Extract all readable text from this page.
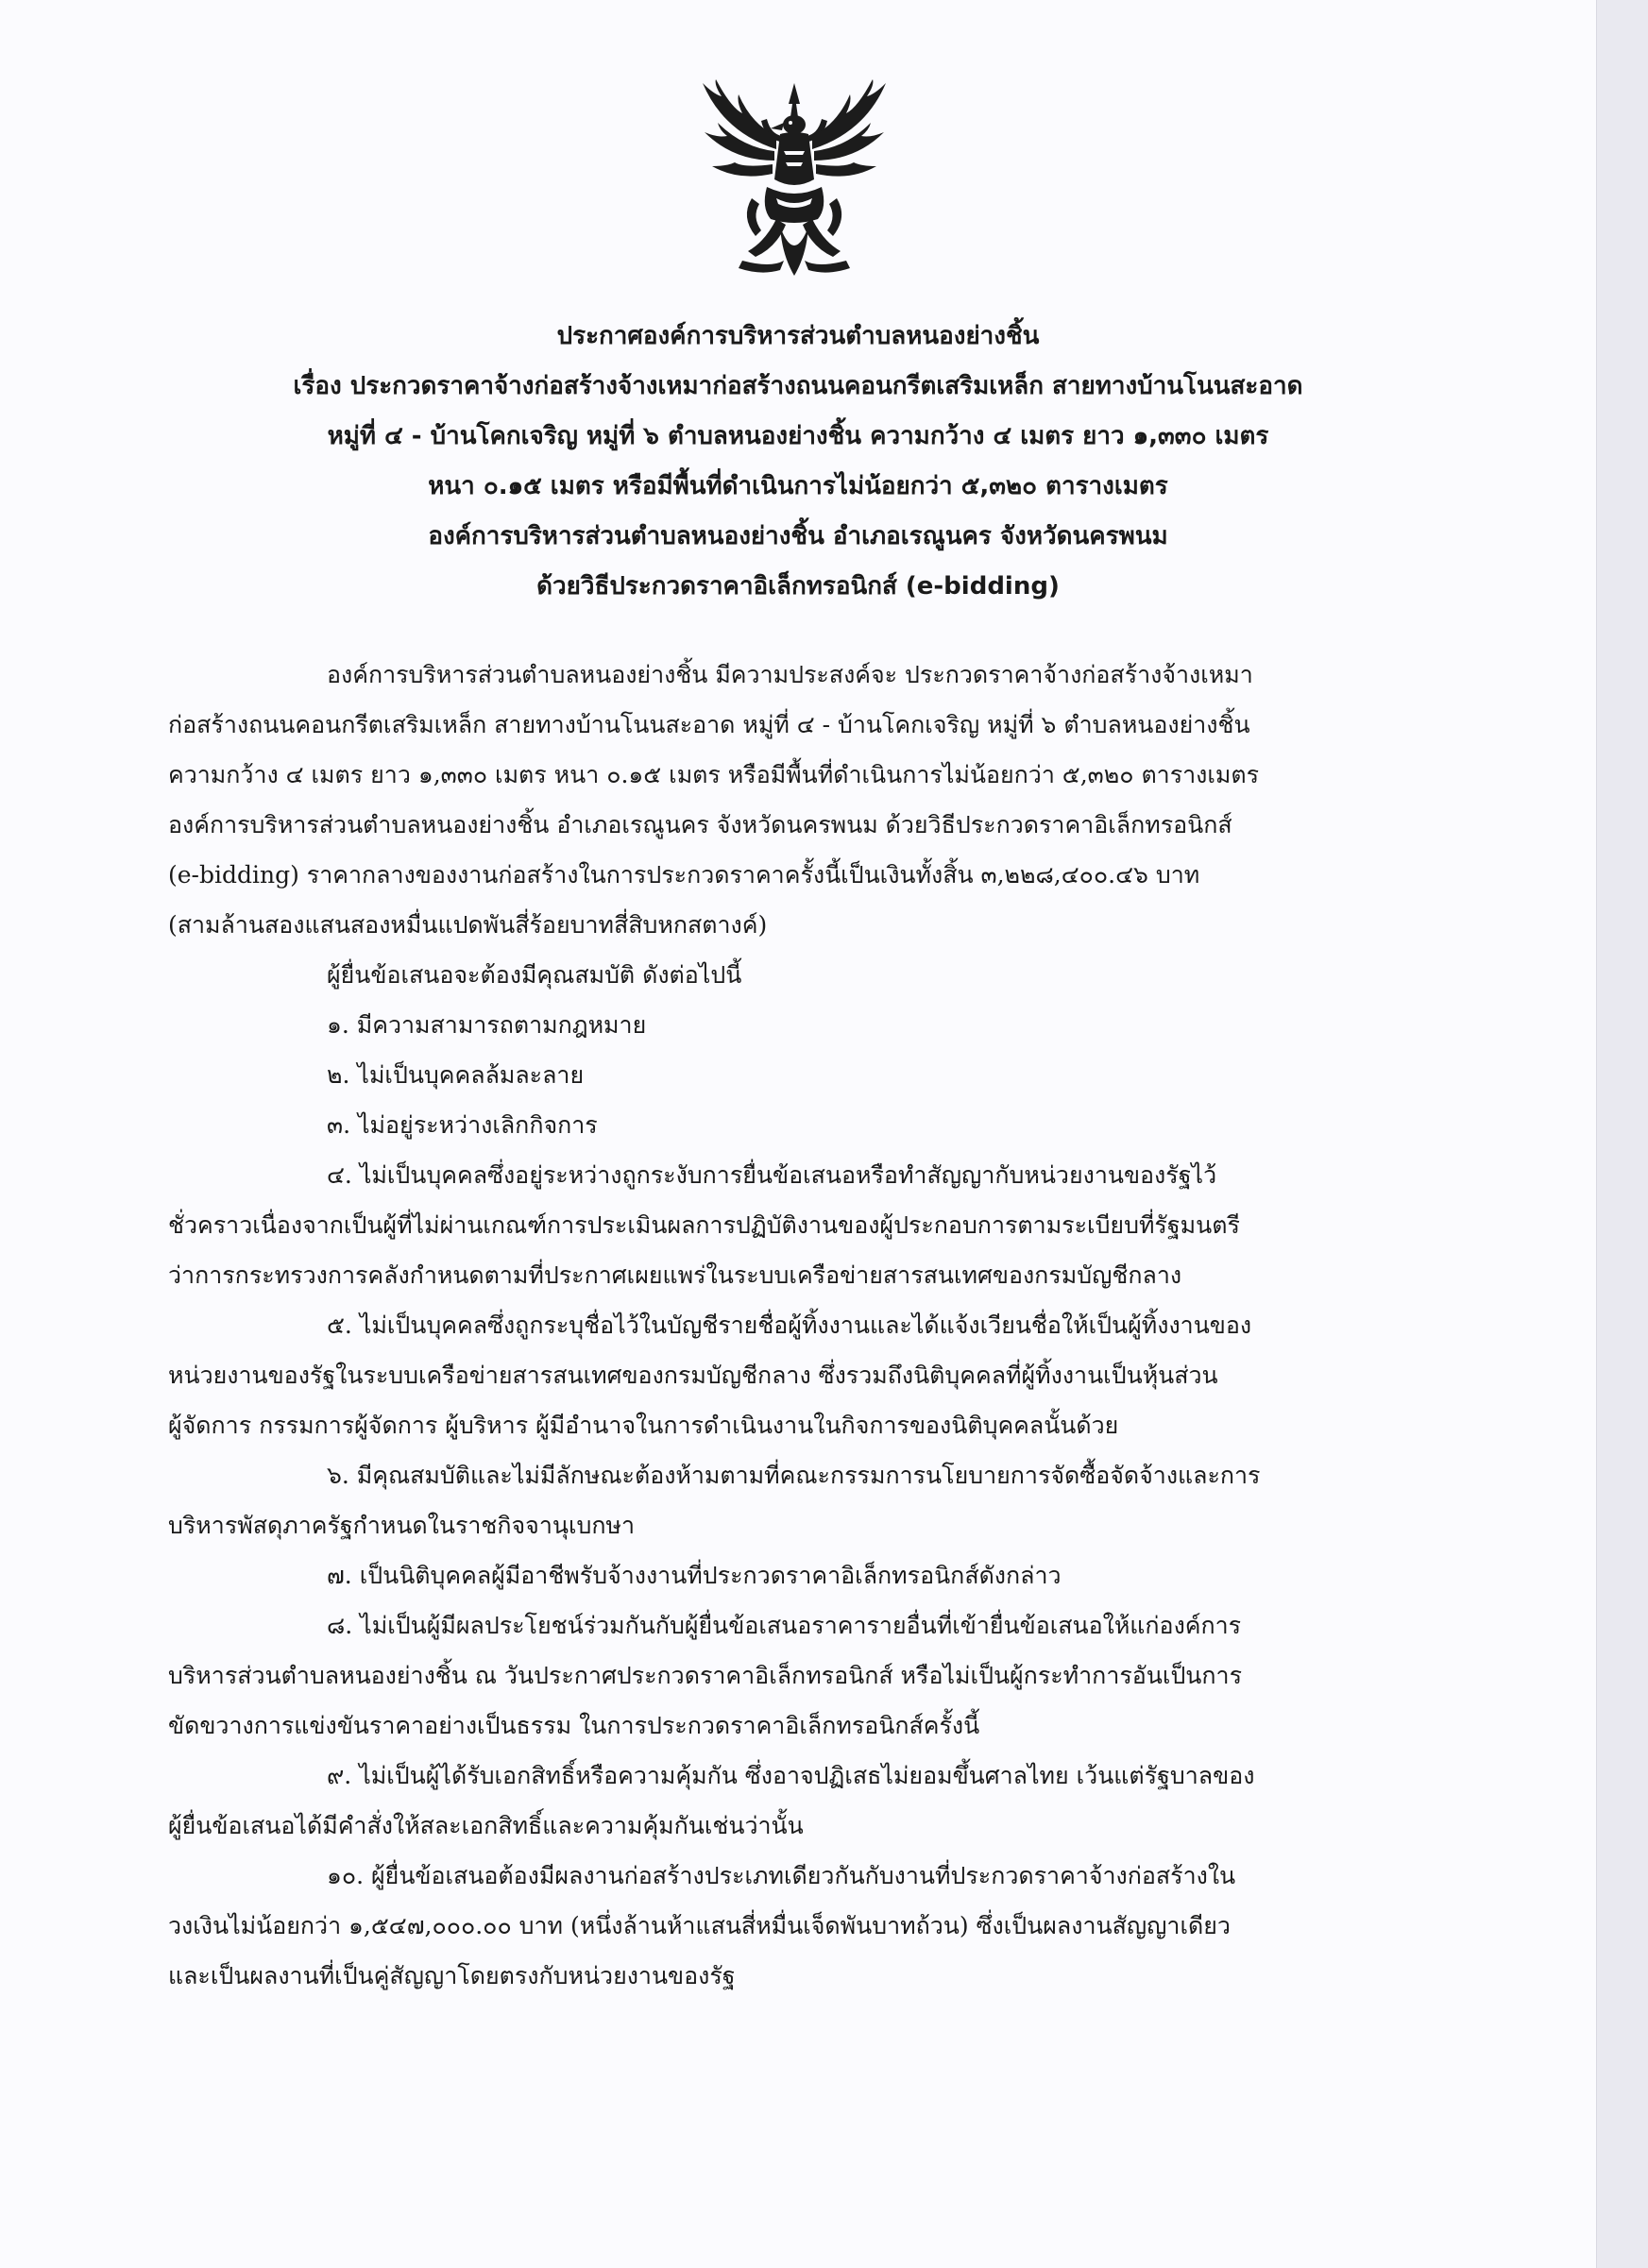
ประกาศองค์การบริหารส่วนตำบลหนองย่างชิ้น
เรื่อง ประกวดราคาจ้างก่อสร้างจ้างเหมาก่อสร้างถนนคอนกรีตเสริมเหล็ก สายทางบ้านโนนสะอาด
หมู่ที่ ๔ - บ้านโคกเจริญ หมู่ที่ ๖ ตำบลหนองย่างชิ้น ความกว้าง ๔ เมตร ยาว ๑,๓๓๐ เมตร
หนา ๐.๑๕ เมตร หรือมีพื้นที่ดำเนินการไม่น้อยกว่า ๕,๓๒๐ ตารางเมตร
องค์การบริหารส่วนตำบลหนองย่างชิ้น อำเภอเรณูนคร จังหวัดนครพนม
ด้วยวิธีประกวดราคาอิเล็กทรอนิกส์ (e-bidding)
องค์การบริหารส่วนตำบลหนองย่างชิ้น มีความประสงค์จะ ประกวดราคาจ้างก่อสร้างจ้างเหมา
ก่อสร้างถนนคอนกรีตเสริมเหล็ก สายทางบ้านโนนสะอาด หมู่ที่ ๔ - บ้านโคกเจริญ หมู่ที่ ๖ ตำบลหนองย่างชิ้น
ความกว้าง ๔ เมตร ยาว ๑,๓๓๐ เมตร หนา ๐.๑๕ เมตร หรือมีพื้นที่ดำเนินการไม่น้อยกว่า ๕,๓๒๐ ตารางเมตร
องค์การบริหารส่วนตำบลหนองย่างชิ้น อำเภอเรณูนคร จังหวัดนครพนม ด้วยวิธีประกวดราคาอิเล็กทรอนิกส์
(e-bidding) ราคากลางของงานก่อสร้างในการประกวดราคาครั้งนี้เป็นเงินทั้งสิ้น ๓,๒๒๘,๔๐๐.๔๖ บาท
(สามล้านสองแสนสองหมื่นแปดพันสี่ร้อยบาทสี่สิบหกสตางค์)
ผู้ยื่นข้อเสนอจะต้องมีคุณสมบัติ ดังต่อไปนี้
๑. มีความสามารถตามกฎหมาย
๒. ไม่เป็นบุคคลล้มละลาย
๓. ไม่อยู่ระหว่างเลิกกิจการ
๔. ไม่เป็นบุคคลซึ่งอยู่ระหว่างถูกระงับการยื่นข้อเสนอหรือทำสัญญากับหน่วยงานของรัฐไว้
ชั่วคราวเนื่องจากเป็นผู้ที่ไม่ผ่านเกณฑ์การประเมินผลการปฏิบัติงานของผู้ประกอบการตามระเบียบที่รัฐมนตรี
ว่าการกระทรวงการคลังกำหนดตามที่ประกาศเผยแพร่ในระบบเครือข่ายสารสนเทศของกรมบัญชีกลาง
๕. ไม่เป็นบุคคลซึ่งถูกระบุชื่อไว้ในบัญชีรายชื่อผู้ทิ้งงานและได้แจ้งเวียนชื่อให้เป็นผู้ทิ้งงานของ
หน่วยงานของรัฐในระบบเครือข่ายสารสนเทศของกรมบัญชีกลาง ซึ่งรวมถึงนิติบุคคลที่ผู้ทิ้งงานเป็นหุ้นส่วน
ผู้จัดการ กรรมการผู้จัดการ ผู้บริหาร ผู้มีอำนาจในการดำเนินงานในกิจการของนิติบุคคลนั้นด้วย
๖. มีคุณสมบัติและไม่มีลักษณะต้องห้ามตามที่คณะกรรมการนโยบายการจัดซื้อจัดจ้างและการ
บริหารพัสดุภาครัฐกำหนดในราชกิจจานุเบกษา
๗. เป็นนิติบุคคลผู้มีอาชีพรับจ้างงานที่ประกวดราคาอิเล็กทรอนิกส์ดังกล่าว
๘. ไม่เป็นผู้มีผลประโยชน์ร่วมกันกับผู้ยื่นข้อเสนอราคารายอื่นที่เข้ายื่นข้อเสนอให้แก่องค์การ
บริหารส่วนตำบลหนองย่างชิ้น ณ วันประกาศประกวดราคาอิเล็กทรอนิกส์ หรือไม่เป็นผู้กระทำการอันเป็นการ
ขัดขวางการแข่งขันราคาอย่างเป็นธรรม ในการประกวดราคาอิเล็กทรอนิกส์ครั้งนี้
๙. ไม่เป็นผู้ได้รับเอกสิทธิ์หรือความคุ้มกัน ซึ่งอาจปฏิเสธไม่ยอมขึ้นศาลไทย เว้นแต่รัฐบาลของ
ผู้ยื่นข้อเสนอได้มีคำสั่งให้สละเอกสิทธิ์และความคุ้มกันเช่นว่านั้น
๑๐. ผู้ยื่นข้อเสนอต้องมีผลงานก่อสร้างประเภทเดียวกันกับงานที่ประกวดราคาจ้างก่อสร้างใน
วงเงินไม่น้อยกว่า ๑,๕๔๗,๐๐๐.๐๐ บาท (หนึ่งล้านห้าแสนสี่หมื่นเจ็ดพันบาทถ้วน) ซึ่งเป็นผลงานสัญญาเดียว
และเป็นผลงานที่เป็นคู่สัญญาโดยตรงกับหน่วยงานของรัฐ
